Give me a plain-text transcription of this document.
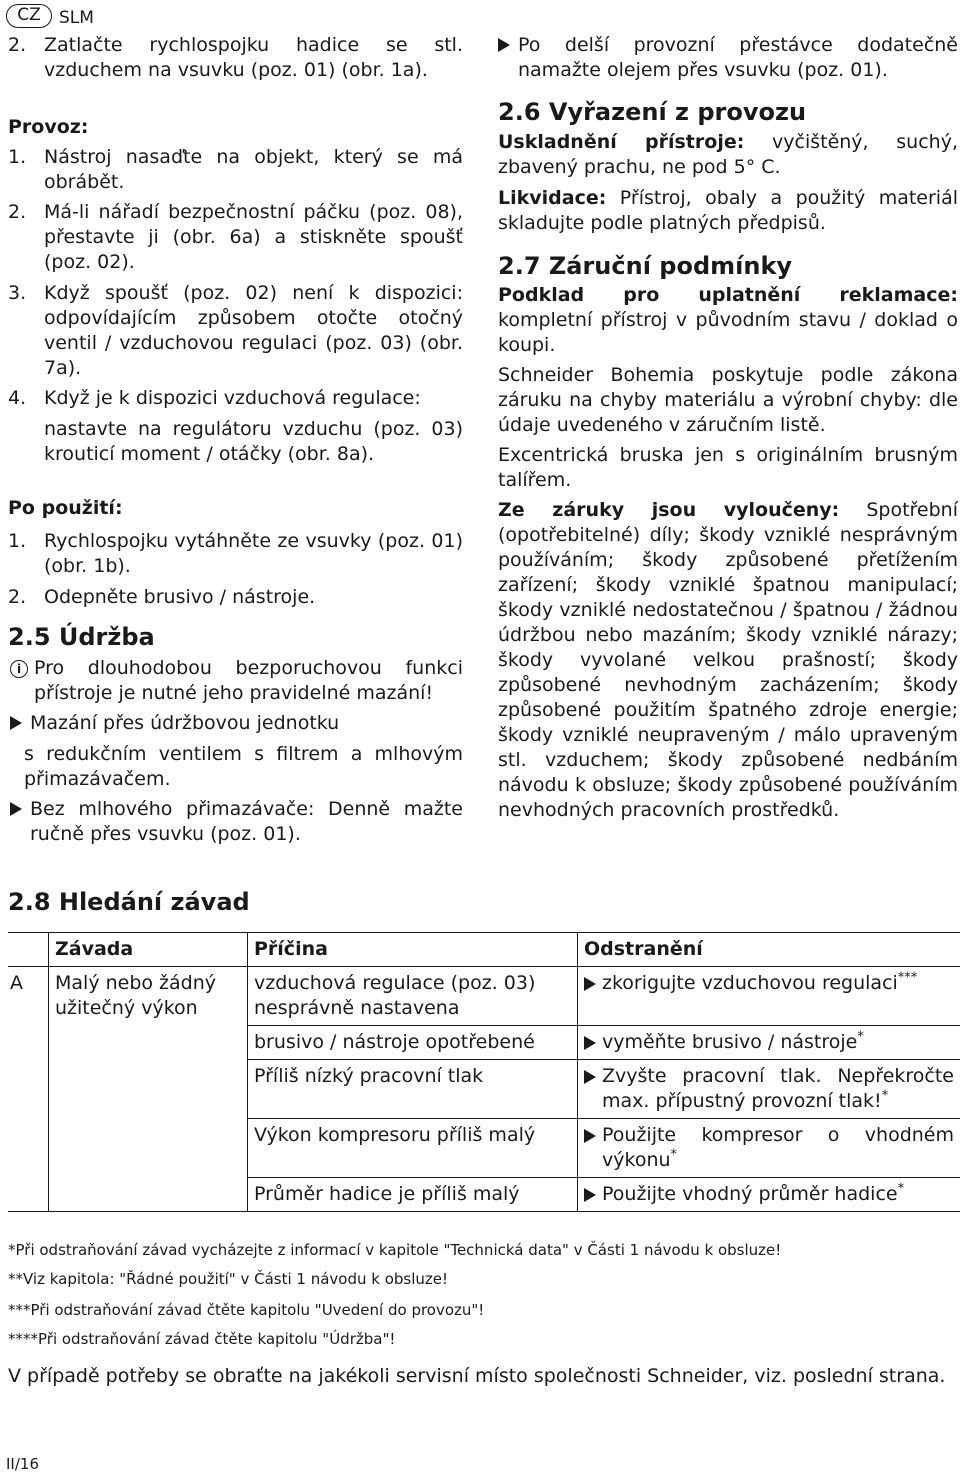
CZ	SLM
2. Zatlačte rychlospojku hadice se stl. vzduchem na vsuvku (poz. 01) (obr. 1a).
Provoz:
1. Nástroj nasaďte na objekt, který se má obrábět.
2. Má-li nářadí bezpečnostní páčku (poz. 08), přestavte ji (obr. 6a) a stiskněte spoušť (poz. 02).
3. Když spoušť (poz. 02) není k dispozici: odpovídajícím způsobem otočte otočný ventil / vzduchovou regulaci (poz. 03) (obr. 7a).
4. Když je k dispozici vzduchová regulace:
nastavte na regulátoru vzduchu (poz. 03) krouticí moment / otáčky (obr. 8a).
Po použití:
1. Rychlospojku vytáhněte ze vsuvky (poz. 01) (obr. 1b).
2. Odepněte brusivo / nástroje.
2.5 Údržba
i Pro dlouhodobou bezporuchovou funkci přístroje je nutné jeho pravidelné mazání!
Mazání přes údržbovou jednotku
s redukčním ventilem s filtrem a mlhovým přimazávačem.
Bez mlhového přimazávače: Denně mažte ručně přes vsuvku (poz. 01).
2.8 Hledání závad
Po delší provozní přestávce dodatečně namažte olejem přes vsuvku (poz. 01).
2.6 Vyřazení z provozu
Uskladnění přístroje: vyčištěný, suchý, zbavený prachu, ne pod 5° C.
Likvidace: Přístroj, obaly a použitý materiál skladujte podle platných předpisů.
2.7 Záruční podmínky
Podklad pro uplatnění reklamace: kompletní přístroj v původním stavu / doklad o koupi.
Schneider Bohemia poskytuje podle zákona záruku na chyby materiálu a výrobní chyby: dle údaje uvedeného v záručním listě.
Excentrická bruska jen s originálním brusným talířem.
Ze záruky jsou vyloučeny: Spotřební (opotřebitelné) díly; škody vzniklé nesprávným používáním; škody způsobené přetížením zařízení; škody vzniklé špatnou manipulací; škody vzniklé nedostatečnou / špatnou / žádnou údržbou nebo mazáním; škody vzniklé nárazy; škody vyvolané velkou prašností; škody způsobené nevhodným zacházením; škody způsobené použitím špatného zdroje energie; škody vzniklé neupraveným / málo upraveným stl. vzduchem; škody způsobené nedbáním návodu k obsluze; škody způsobené používáním nevhodných pracovních prostředků.
	Závada	Příčina	Odstranění
A	Malý nebo žádný užitečný výkon	vzduchová regulace (poz. 03) nesprávně nastavena	zkorigujte vzduchovou regulaci***

		brusivo / nástroje opotřebené	vyměňte brusivo / nástroje*

		Příliš nízký pracovní tlak	Zvyšte pracovní tlak. Nepřekročte max. přípustný provozní tlak!*

		Výkon kompresoru příliš malý	Použijte kompresor o vhodném výkonu*

		Průměr hadice je příliš malý	Použijte vhodný průměr hadice*
*Při odstraňování závad vycházejte z informací v kapitole "Technická data" v Části 1 návodu k obsluze!
**Viz kapitola: "Řádné použití" v Části 1 návodu k obsluze!
***Při odstraňování závad čtěte kapitolu "Uvedení do provozu"!
****Při odstraňování závad čtěte kapitolu "Údržba"!
V případě potřeby se obraťte na jakékoli servisní místo společnosti Schneider, viz. poslední strana.
II/16
